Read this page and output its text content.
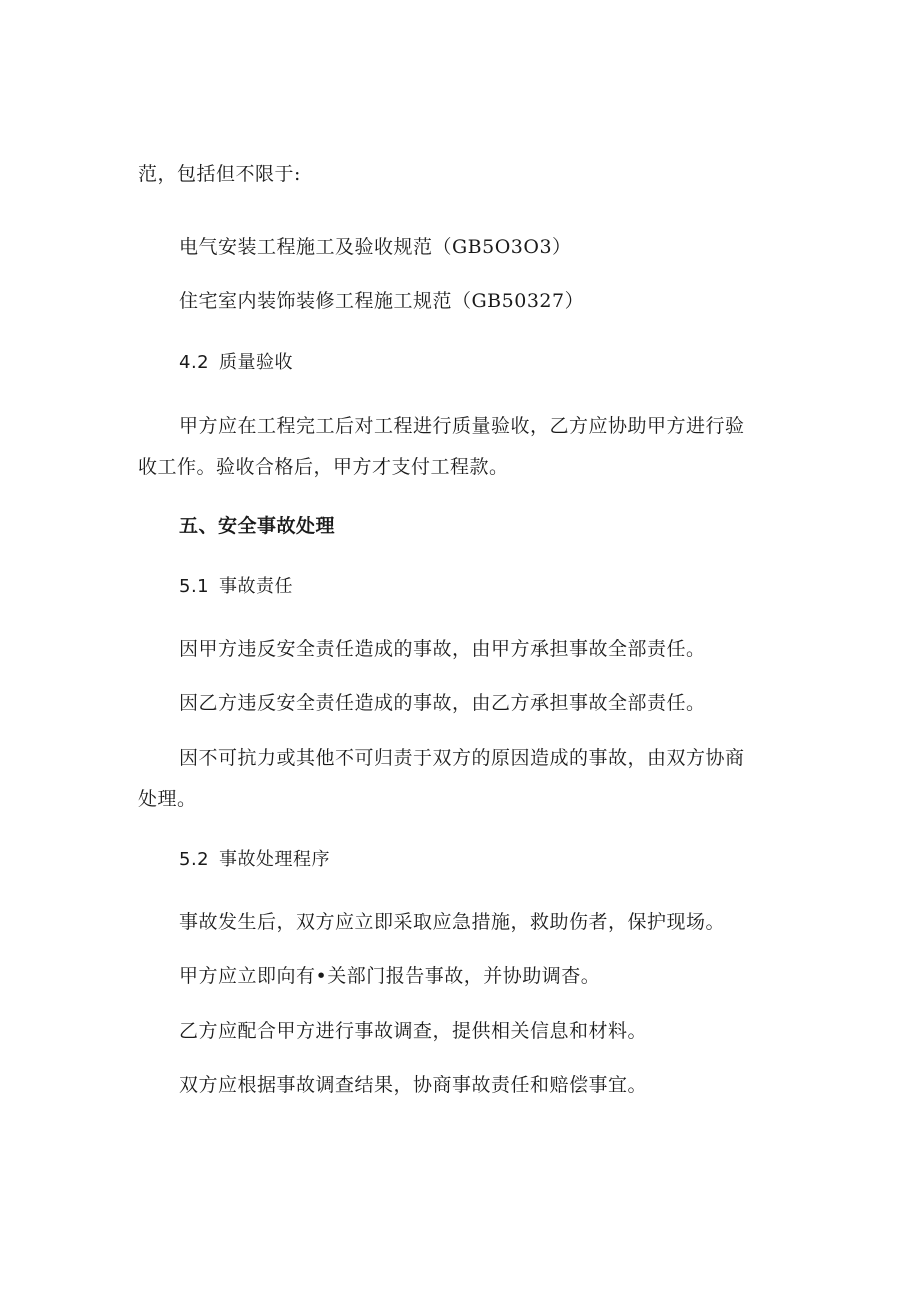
范，包括但不限于:
电气安装工程施工及验收规范（GB5O3O3）
住宅室内装饰装修工程施工规范（GB50327）
4.2 质量验收
甲方应在工程完工后对工程进行质量验收，乙方应协助甲方进行验
收工作。验收合格后，甲方才支付工程款。
五、安全事故处理
5.1 事故责任
因甲方违反安全责任造成的事故，由甲方承担事故全部责任。
因乙方违反安全责任造成的事故，由乙方承担事故全部责任。
因不可抗力或其他不可归责于双方的原因造成的事故，由双方协商
处理。
5.2 事故处理程序
事故发生后，双方应立即采取应急措施，救助伤者，保护现场。
甲方应立即向有•关部门报告事故，并协助调杳。
乙方应配合甲方进行事故调查，提供相关信息和材料。
双方应根据事故调查结果，协商事故责任和赔偿事宜。
